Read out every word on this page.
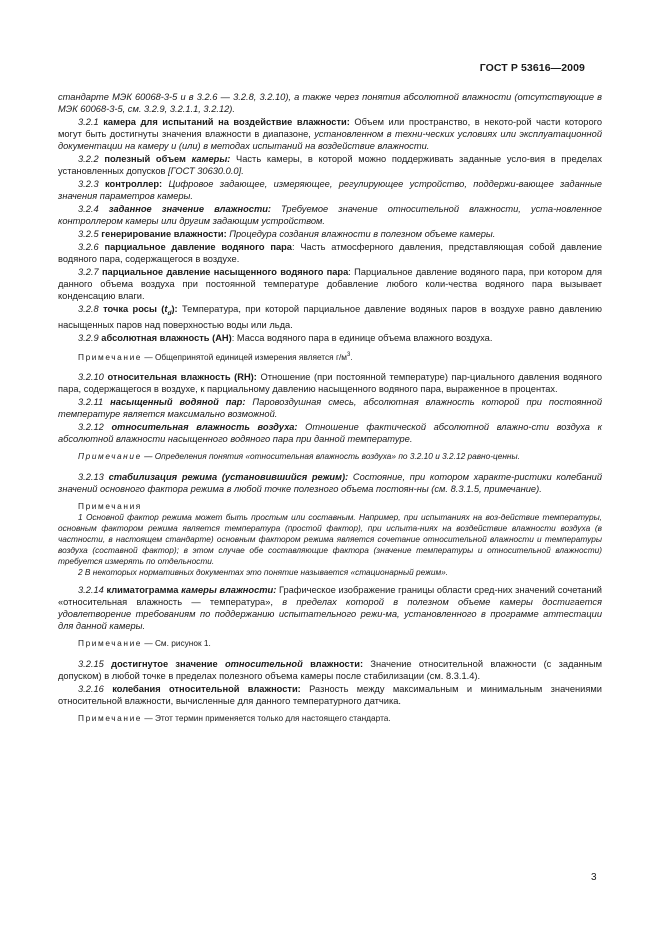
ГОСТ Р 53616—2009

стандарте МЭК 60068-3-5 и в 3.2.6 — 3.2.8, 3.2.10), а также через понятия абсолютной влажности (отсутствующие в МЭК 60068-3-5, см. 3.2.9, 3.2.1.1, 3.2.12).

3.2.1 камера для испытаний на воздействие влажности: Объем или пространство, в некото-рой части которого могут быть достигнуты значения влажности в диапазоне, установленном в техни-ческих условиях или эксплуатационной документации на камеру и (или) в методах испытаний на воздействие влажности.

3.2.2 полезный объем камеры: Часть камеры, в которой можно поддерживать заданные усло-вия в пределах установленных допусков [ГОСТ 30630.0.0].

3.2.3 контроллер: Цифровое задающее, измеряющее, регулирующее устройство, поддержи-вающее заданные значения параметров камеры.

3.2.4 заданное значение влажности: Требуемое значение относительной влажности, уста-новленное контроллером камеры или другим задающим устройством.

3.2.5 генерирование влажности: Процедура создания влажности в полезном объеме камеры.

3.2.6 парциальное давление водяного пара: Часть атмосферного давления, представляющая собой давление водяного пара, содержащегося в воздухе.

3.2.7 парциальное давление насыщенного водяного пара: Парциальное давление водяного пара, при котором для данного объема воздуха при постоянной температуре добавление любого коли-чества водяного пара вызывает конденсацию влаги.

3.2.8 точка росы $(t_d)$: Температура, при которой парциальное давление водяных паров в воздухе равно давлению насыщенных паров над поверхностью воды или льда.

3.2.9 абсолютная влажность (АН): Масса водяного пара в единице объема влажного воздуха.

Примечание — Общепринятой единицей измерения является $г/м^3$.

3.2.10 относительная влажность (RH): Отношение (при постоянной температуре) пар-циального давления водяного пара, содержащегося в воздухе, к парциальному давлению насыщенного водяного пара, выраженное в процентах.

3.2.11 насыщенный водяной пар: Паровоздушная смесь, абсолютная влажность которой при постоянной температуре является максимально возможной.

3.2.12 относительная влажность воздуха: Отношение фактической абсолютной влажно-сти воздуха к абсолютной влажности насыщенного водяного пара при данной температуре.

Примечание — Определения понятия «относительная влажность воздуха» по 3.2.10 и 3.2.12 равно-ценны.

3.2.13 стабилизация режима (установившийся режим): Состояние, при котором характе-ристики колебаний значений основного фактора режима в любой точке полезного объема постоян-ны (см. 8.3.1.5, примечание).

Примечания

1 Основной фактор режима может быть простым или составным. Например, при испытаниях на воз-действие температуры, основным фактором режима является температура (простой фактор), при испыта-ниях на воздействие влажности воздуха (в частности, в настоящем стандарте) основным фактором режима является сочетание относительной влажности и температуры воздуха (составной фактор); в этом случае обе составляющие фактора (значение температуры и относительной влажности) требуется измерять по отдельности.

2 В некоторых нормативных документах это понятие называется «стационарный режим».

3.2.14 климатограмма камеры влажности: Графическое изображение границы области сред-них значений сочетаний «относительная влажность — температура», в пределах которой в полезном объеме камеры достигается удовлетворение требованиям по поддержанию испытательного режи-ма, установленного в программе аттестации для данной камеры.

Примечание — См. рисунок 1.

3.2.15 достигнутое значение относительной влажности: Значение относительной влажности (с заданным допуском) в любой точке в пределах полезного объема камеры после стабилизации (см. 8.3.1.4).

3.2.16 колебания относительной влажности: Разность между максимальным и минимальным значениями относительной влажности, вычисленные для данного температурного датчика.

Примечание — Этот термин применяется только для настоящего стандарта.

3
